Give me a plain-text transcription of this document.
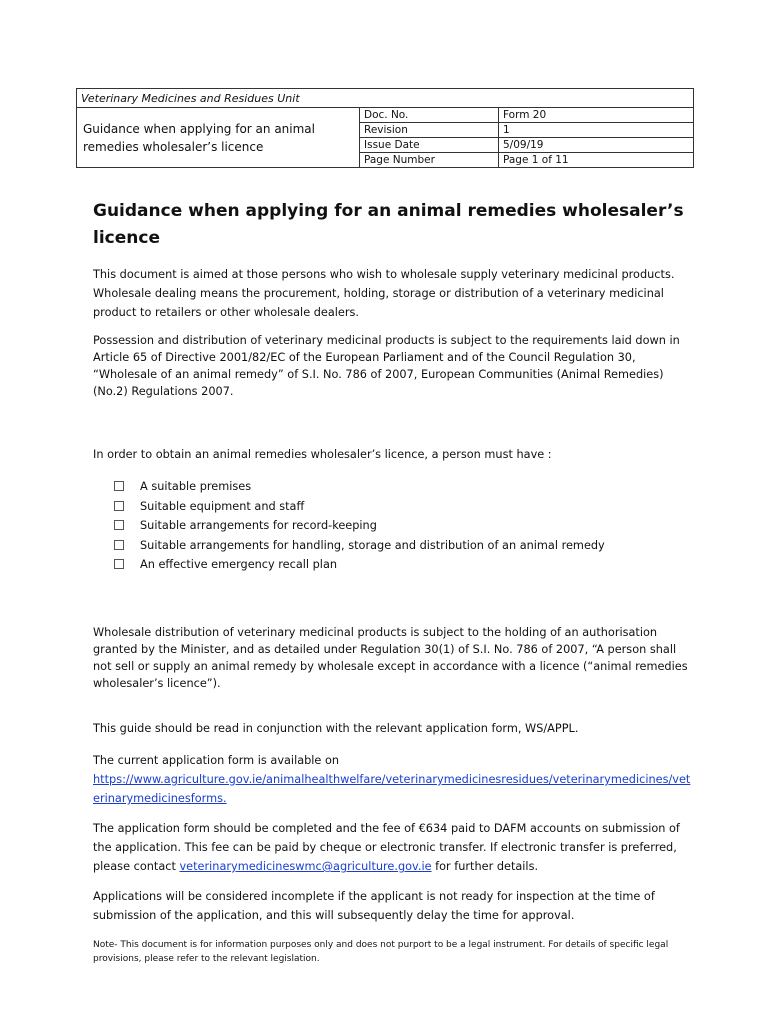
Veterinary Medicines and Residues Unit		
Guidance when applying for an animal remedies wholesaler’s licence	Doc. No.	Form 20
	Revision	1
	Issue Date	5/09/19
	Page Number	Page 1 of 11
Guidance when applying for an animal remedies wholesaler’s licence

This document is aimed at those persons who wish to wholesale supply veterinary medicinal products. Wholesale dealing means the procurement, holding, storage or distribution of a veterinary medicinal product to retailers or other wholesale dealers.

Possession and distribution of veterinary medicinal products is subject to the requirements laid down in Article 65 of Directive 2001/82/EC of the European Parliament and of the Council Regulation 30, “Wholesale of an animal remedy” of S.I. No. 786 of 2007, European Communities (Animal Remedies)(No.2) Regulations 2007.

In order to obtain an animal remedies wholesaler’s licence, a person must have :

A suitable premises
Suitable equipment and staff
Suitable arrangements for record-keeping
Suitable arrangements for handling, storage and distribution of an animal remedy
An effective emergency recall plan

Wholesale distribution of veterinary medicinal products is subject to the holding of an authorisation granted by the Minister, and as detailed under Regulation 30(1) of S.I. No. 786 of 2007, “A person shall not sell or supply an animal remedy by wholesale except in accordance with a licence (“animal remedies wholesaler’s licence”).

This guide should be read in conjunction with the relevant application form, WS/APPL.

The current application form is available on
https://www.agriculture.gov.ie/animalhealthwelfare/veterinarymedicinesresidues/veterinarymedicines/veterinarymedicinesforms.

The application form should be completed and the fee of €634 paid to DAFM accounts on submission of the application. This fee can be paid by cheque or electronic transfer. If electronic transfer is preferred, please contact veterinarymedicineswmc@agriculture.gov.ie for further details.

Applications will be considered incomplete if the applicant is not ready for inspection at the time of submission of the application, and this will subsequently delay the time for approval.

Note- This document is for information purposes only and does not purport to be a legal instrument. For details of specific legal provisions, please refer to the relevant legislation.
